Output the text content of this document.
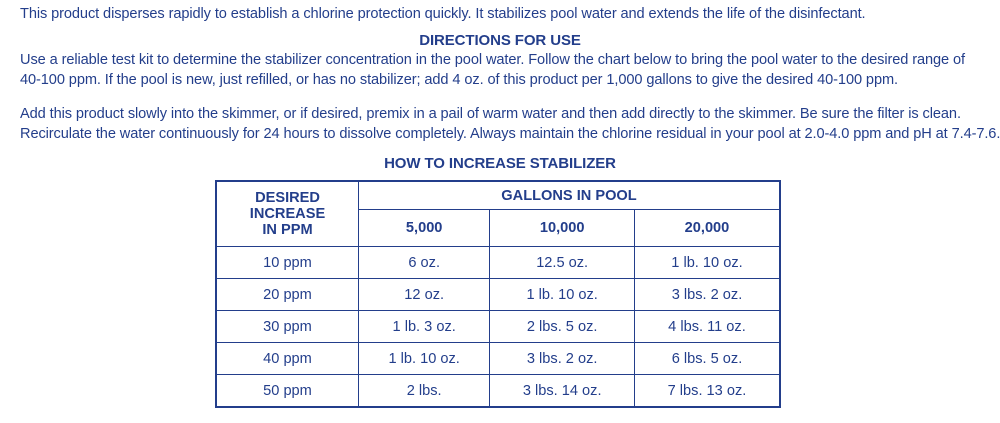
This product disperses rapidly to establish a chlorine protection quickly. It stabilizes pool water and extends the life of the disinfectant.
DIRECTIONS FOR USE
Use a reliable test kit to determine the stabilizer concentration in the pool water. Follow the chart below to bring the pool water to the desired range of
40-100 ppm. If the pool is new, just refilled, or has no stabilizer; add 4 oz. of this product per 1,000 gallons to give the desired 40-100 ppm.
Add this product slowly into the skimmer, or if desired, premix in a pail of warm water and then add directly to the skimmer. Be sure the filter is clean.
Recirculate the water continuously for 24 hours to dissolve completely. Always maintain the chlorine residual in your pool at 2.0-4.0 ppm and pH at 7.4-7.6.
HOW TO INCREASE STABILIZER
DESIRED
INCREASE
IN PPM	GALLONS IN POOL		
	5,000	10,000	20,000
10 ppm	6 oz.	12.5 oz.	1 lb. 10 oz.
20 ppm	12 oz.	1 lb. 10 oz.	3 lbs. 2 oz.
30 ppm	1 lb. 3 oz.	2 lbs. 5 oz.	4 lbs. 11 oz.
40 ppm	1 lb. 10 oz.	3 lbs. 2 oz.	6 lbs. 5 oz.
50 ppm	2 lbs.	3 lbs. 14 oz.	7 lbs. 13 oz.
